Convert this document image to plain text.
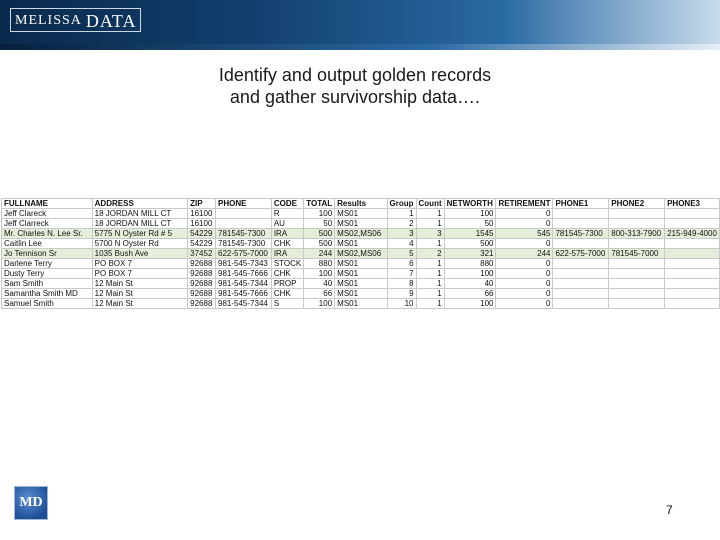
MELISSA DATA
Identify and output golden records
and gather survivorship data….
FULLNAME	ADDRESS	ZIP	PHONE	CODE	TOTAL	Results	Group	Count	NETWORTH	RETIREMENT	PHONE1	PHONE2	PHONE3
Jeff Clareck	18 JORDAN MILL CT	16100		R	100	MS01	1	1	100	0			
Jeff Clarreck	18 JORDAN MILL CT	16100		AU	50	MS01	2	1	50	0			
Mr. Charles N. Lee Sr.	5775 N Oyster Rd # 5	54229	781545-7300	IRA	500	MS02,MS06	3	3	1545	545	781545-7300	800-313-7900	215-949-4000
Caitlin Lee	5700 N Oyster Rd	54229	781545-7300	CHK	500	MS01	4	1	500	0			
Jo Tennison Sr	1035 Bush Ave	37452	622-575-7000	IRA	244	MS02,MS06	5	2	321	244	622-575-7000	781545-7000	
Darlene Terry	PO BOX 7	92688	981-545-7343	STOCK	880	MS01	6	1	880	0			
Dusty Terry	PO BOX 7	92688	981-545-7666	CHK	100	MS01	7	1	100	0			
Sam Smith	12 Main St	92688	981-545-7344	PROP	40	MS01	8	1	40	0			
Samantha Smith MD	12 Main St	92688	981-545-7666	CHK	66	MS01	9	1	66	0			
Samuel Smith	12 Main St	92688	981-545-7344	S	100	MS01	10	1	100	0			
MD	7
